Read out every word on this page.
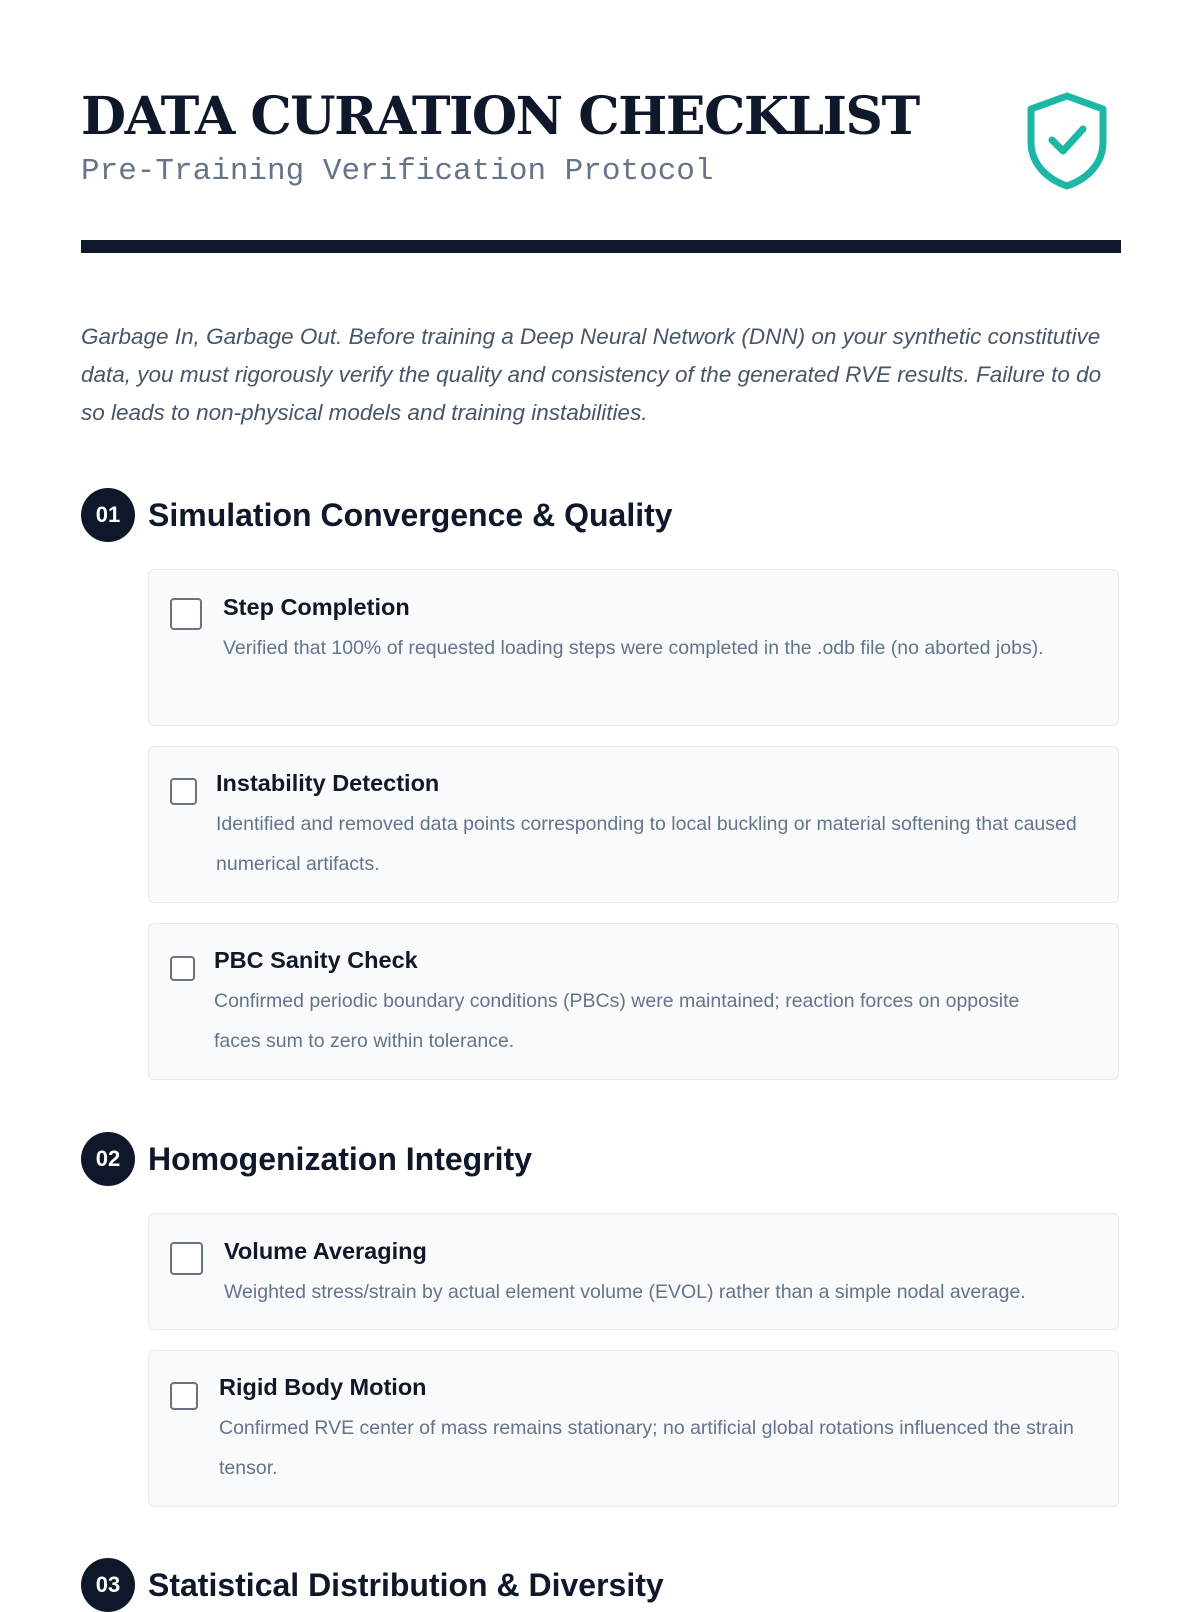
DATA CURATION CHECKLIST
Pre-Training Verification Protocol

Garbage In, Garbage Out. Before training a Deep Neural Network (DNN) on your synthetic constitutive data, you must rigorously verify the quality and consistency of the generated RVE results. Failure to do so leads to non-physical models and training instabilities.

01 Simulation Convergence & Quality
Step Completion
Verified that 100% of requested loading steps were completed in the .odb file (no aborted jobs).
Instability Detection
Identified and removed data points corresponding to local buckling or material softening that caused numerical artifacts.
PBC Sanity Check
Confirmed periodic boundary conditions (PBCs) were maintained; reaction forces on opposite faces sum to zero within tolerance.
02 Homogenization Integrity
Volume Averaging
Weighted stress/strain by actual element volume (EVOL) rather than a simple nodal average.
Rigid Body Motion
Confirmed RVE center of mass remains stationary; no artificial global rotations influenced the strain tensor.
03 Statistical Distribution & Diversity
